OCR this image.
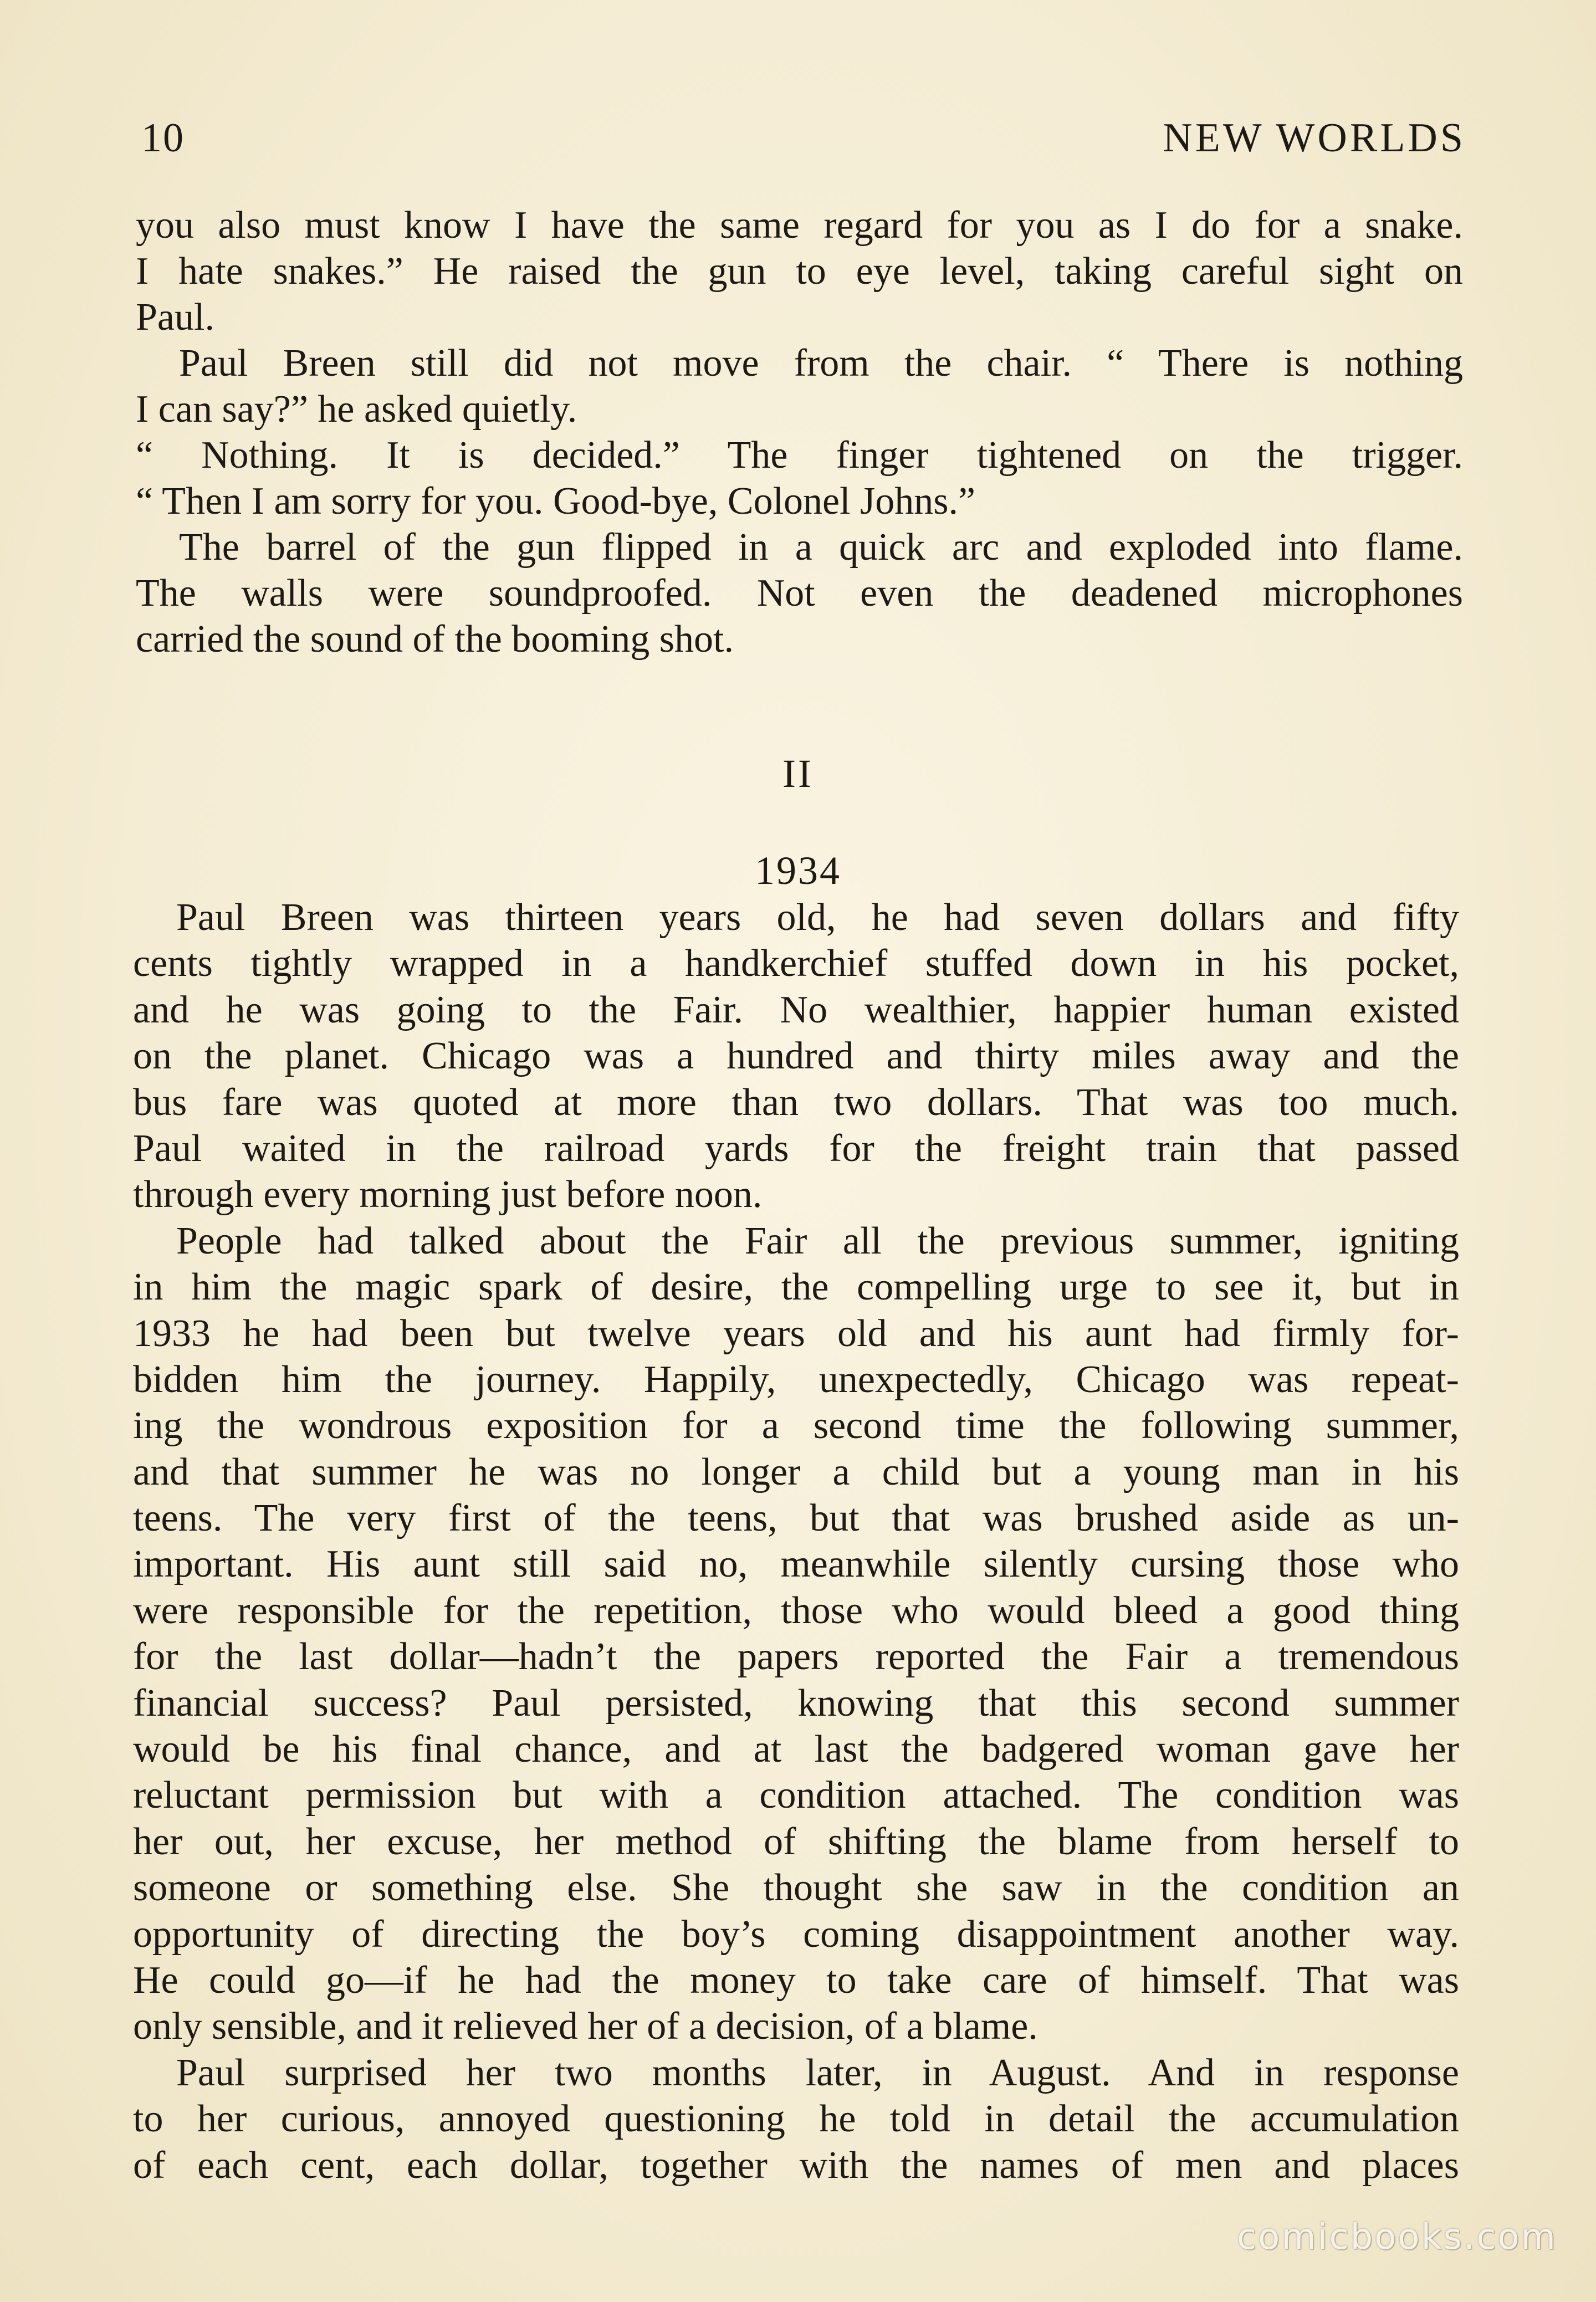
10	NEW WORLDS
you also must know I have the same regard for you as I do for a snake.
I hate snakes.” He raised the gun to eye level, taking careful sight on
Paul.
Paul Breen still did not move from the chair. “ There is nothing
I can say?” he asked quietly.
“ Nothing. It is decided.” The finger tightened on the trigger.
“ Then I am sorry for you. Good-bye, Colonel Johns.”
The barrel of the gun flipped in a quick arc and exploded into flame.
The walls were soundproofed. Not even the deadened microphones
carried the sound of the booming shot.
II
1934
Paul Breen was thirteen years old, he had seven dollars and fifty
cents tightly wrapped in a handkerchief stuffed down in his pocket,
and he was going to the Fair. No wealthier, happier human existed
on the planet. Chicago was a hundred and thirty miles away and the
bus fare was quoted at more than two dollars. That was too much.
Paul waited in the railroad yards for the freight train that passed
through every morning just before noon.
People had talked about the Fair all the previous summer, igniting
in him the magic spark of desire, the compelling urge to see it, but in
1933 he had been but twelve years old and his aunt had firmly for-
bidden him the journey. Happily, unexpectedly, Chicago was repeat-
ing the wondrous exposition for a second time the following summer,
and that summer he was no longer a child but a young man in his
teens. The very first of the teens, but that was brushed aside as un-
important. His aunt still said no, meanwhile silently cursing those who
were responsible for the repetition, those who would bleed a good thing
for the last dollar—hadn’t the papers reported the Fair a tremendous
financial success? Paul persisted, knowing that this second summer
would be his final chance, and at last the badgered woman gave her
reluctant permission but with a condition attached. The condition was
her out, her excuse, her method of shifting the blame from herself to
someone or something else. She thought she saw in the condition an
opportunity of directing the boy’s coming disappointment another way.
He could go—if he had the money to take care of himself. That was
only sensible, and it relieved her of a decision, of a blame.
Paul surprised her two months later, in August. And in response
to her curious, annoyed questioning he told in detail the accumulation
of each cent, each dollar, together with the names of men and places
comicbooks.com
